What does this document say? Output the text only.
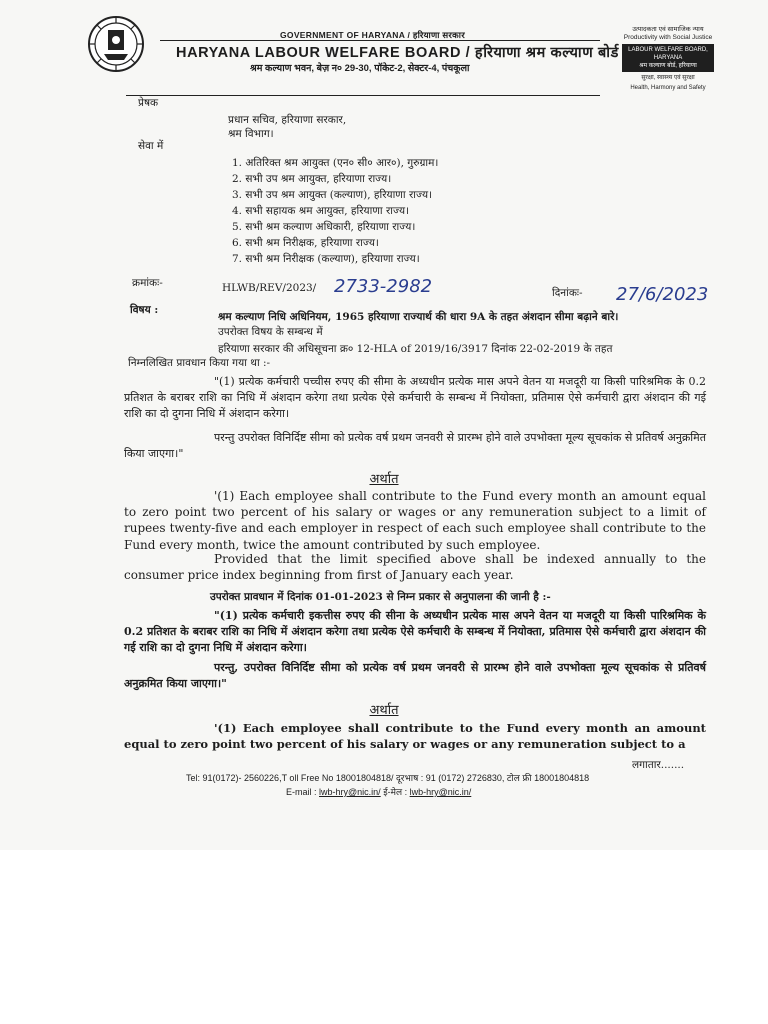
GOVERNMENT OF HARYANA / हरियाणा सरकार
HARYANA LABOUR WELFARE BOARD / हरियाणा श्रम कल्याण बोर्ड
श्रम कल्याण भवन, बेज़ न० 29-30, पॉकेट-2, सेक्टर-4, पंचकूला
उत्पादकता एवं सामाजिक न्याय
Productivity with Social Justice
LABOUR WELFARE BOARD, HARYANA
श्रम कल्याण बोर्ड, हरियाणा
सुरक्षा, स्वास्थ्य एवं सुरक्षा
Health, Harmony and Safety
प्रेषक
प्रधान सचिव, हरियाणा सरकार,
श्रम विभाग।
सेवा में
1. अतिरिक्त श्रम आयुक्त (एन० सी० आर०), गुरुग्राम।
2. सभी उप श्रम आयुक्त, हरियाणा राज्य।
3. सभी उप श्रम आयुक्त (कल्याण), हरियाणा राज्य।
4. सभी सहायक श्रम आयुक्त, हरियाणा राज्य।
5. सभी श्रम कल्याण अधिकारी, हरियाणा राज्य।
6. सभी श्रम निरीक्षक, हरियाणा राज्य।
7. सभी श्रम निरीक्षक (कल्याण), हरियाणा राज्य।
क्रमांकः-	HLWB/REV/2023/ 2733-2982	दिनांकः- 27/6/2023
विषय :
श्रम कल्याण निधि अधिनियम, 1965 हरियाणा राज्यार्थ की धारा 9A के तहत अंशदान सीमा बढ़ाने बारे।
उपरोक्त विषय के सम्बन्ध में
हरियाणा सरकार की अधिसूचना क्र० 12-HLA of 2019/16/3917 दिनांक 22-02-2019 के तहत
निम्नलिखित प्रावधान किया गया था :-
"(1) प्रत्येक कर्मचारी पच्चीस रुपए की सीमा के अध्यधीन प्रत्येक मास अपने वेतन या मजदूरी या किसी पारिश्रमिक के 0.2 प्रतिशत के बराबर राशि का निधि में अंशदान करेगा तथा प्रत्येक ऐसे कर्मचारी के सम्बन्ध में नियोक्ता, प्रतिमास ऐसे कर्मचारी द्वारा अंशदान की गई राशि का दो दुगना निधि में अंशदान करेगा।
परन्तु उपरोक्त विनिर्दिष्ट सीमा को प्रत्येक वर्ष प्रथम जनवरी से प्रारम्भ होने वाले उपभोक्ता मूल्य सूचकांक से प्रतिवर्ष अनुक्रमित किया जाएगा।"
अर्थात
'(1) Each employee shall contribute to the Fund every month an amount equal to zero point two percent of his salary or wages or any remuneration subject to a limit of rupees twenty-five and each employer in respect of each such employee shall contribute to the Fund every month, twice the amount contributed by such employee.
Provided that the limit specified above shall be indexed annually to the consumer price index beginning from first of January each year.
उपरोक्त प्रावधान में दिनांक 01-01-2023 से निम्न प्रकार से अनुपालना की जानी है :-
"(1) प्रत्येक कर्मचारी इकत्तीस रुपए की सीना के अध्यधीन प्रत्येक मास अपने वेतन या मजदूरी या किसी पारिश्रमिक के 0.2 प्रतिशत के बराबर राशि का निधि में अंशदान करेगा तथा प्रत्येक ऐसे कर्मचारी के सम्बन्ध में नियोक्ता, प्रतिमास ऐसे कर्मचारी द्वारा अंशदान की गई राशि का दो दुगना निधि में अंशदान करेगा।
परन्तु, उपरोक्त विनिर्दिष्ट सीमा को प्रत्येक वर्ष प्रथम जनवरी से प्रारम्भ होने वाले उपभोक्ता मूल्य सूचकांक से प्रतिवर्ष अनुक्रमित किया जाएगा।"
अर्थात
'(1) Each employee shall contribute to the Fund every month an amount equal to zero point two percent of his salary or wages or any remuneration subject to a
लगातार.......
Tel: 91(0172)- 2560226,T oll Free No 18001804818/ दूरभाष : 91 (0172) 2726830, टोल फ्री 18001804818
E-mail : lwb-hry@nic.in/ ई-मेल : lwb-hry@nic.in/
